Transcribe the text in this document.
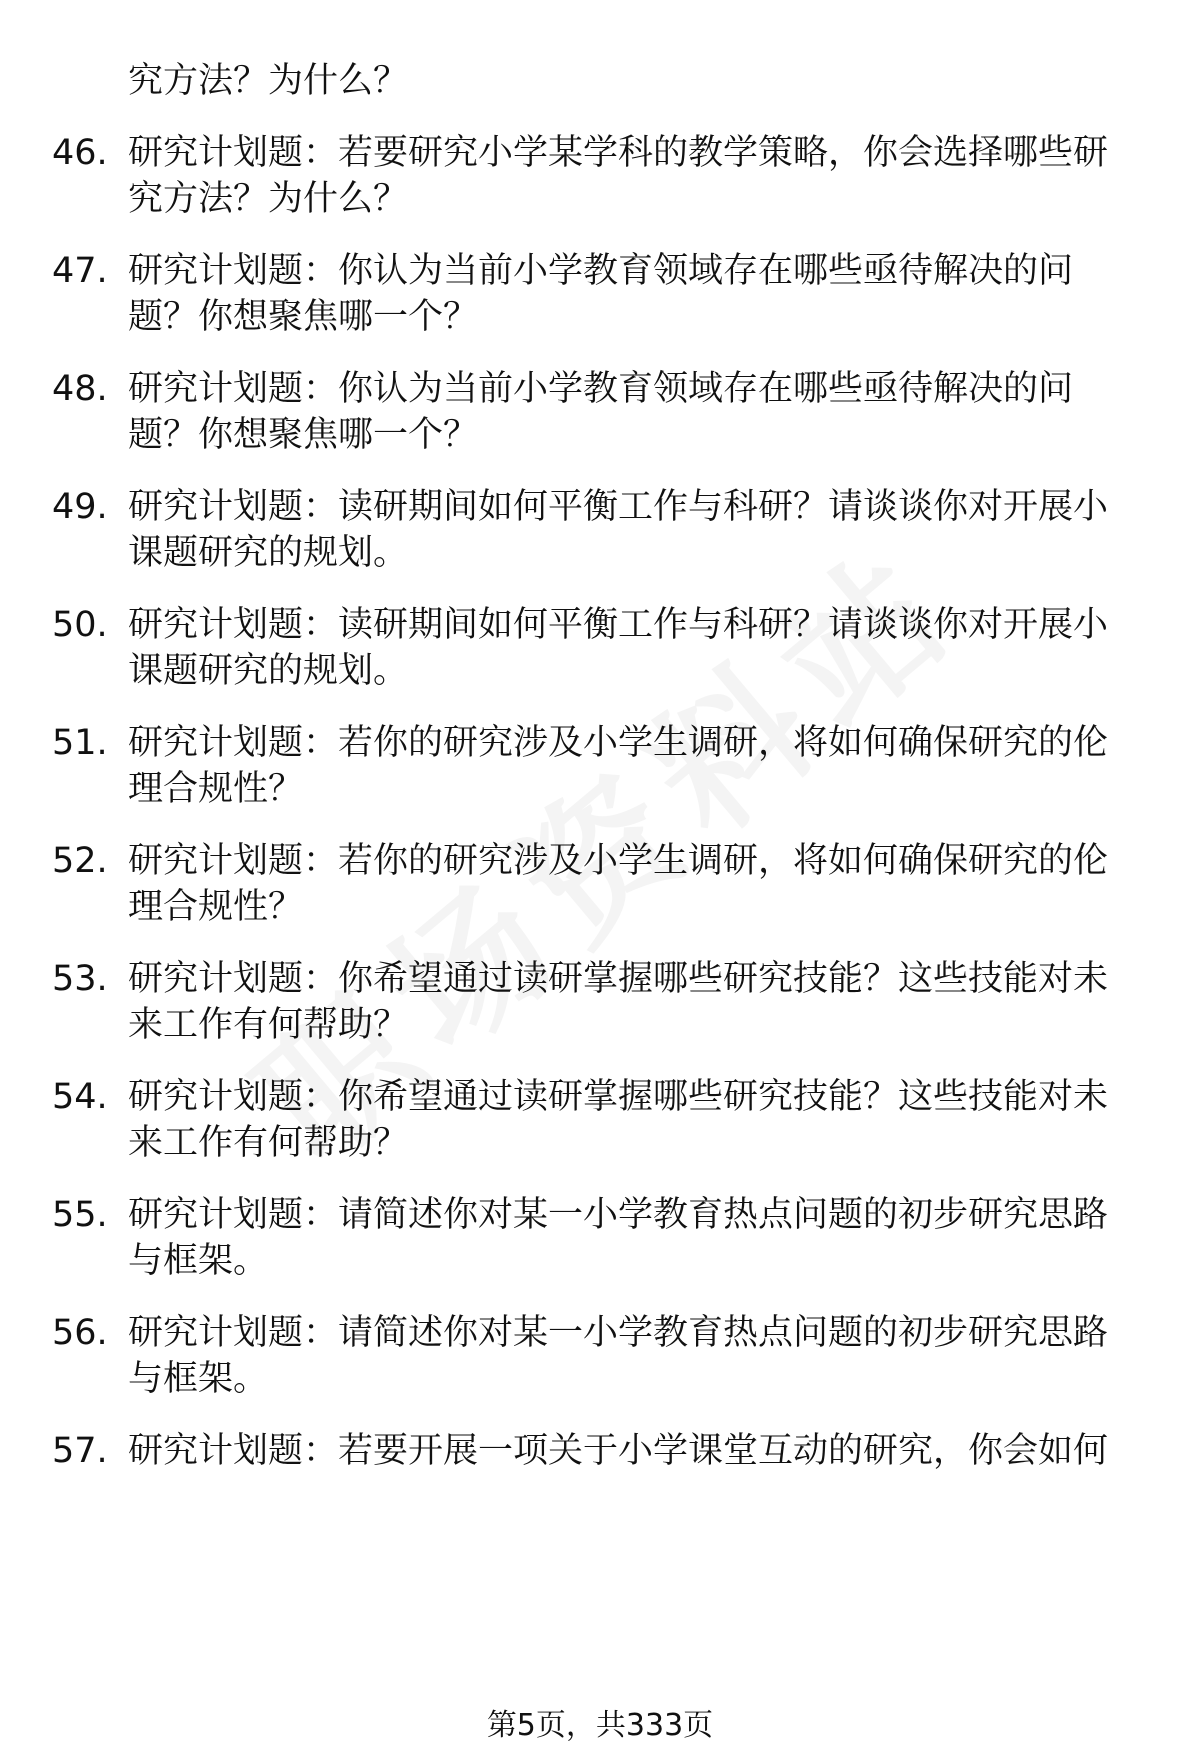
究方法？为什么？
46. 研究计划题：若要研究小学某学科的教学策略，你会选择哪些研
究方法？为什么？
47. 研究计划题：你认为当前小学教育领域存在哪些亟待解决的问
题？你想聚焦哪一个？
48. 研究计划题：你认为当前小学教育领域存在哪些亟待解决的问
题？你想聚焦哪一个？
49. 研究计划题：读研期间如何平衡工作与科研？请谈谈你对开展小
课题研究的规划。
50. 研究计划题：读研期间如何平衡工作与科研？请谈谈你对开展小
课题研究的规划。
51. 研究计划题：若你的研究涉及小学生调研，将如何确保研究的伦
理合规性？
52. 研究计划题：若你的研究涉及小学生调研，将如何确保研究的伦
理合规性？
53. 研究计划题：你希望通过读研掌握哪些研究技能？这些技能对未
来工作有何帮助？
54. 研究计划题：你希望通过读研掌握哪些研究技能？这些技能对未
来工作有何帮助？
55. 研究计划题：请简述你对某一小学教育热点问题的初步研究思路
与框架。
56. 研究计划题：请简述你对某一小学教育热点问题的初步研究思路
与框架。
57. 研究计划题：若要开展一项关于小学课堂互动的研究，你会如何
第5页，共333页
